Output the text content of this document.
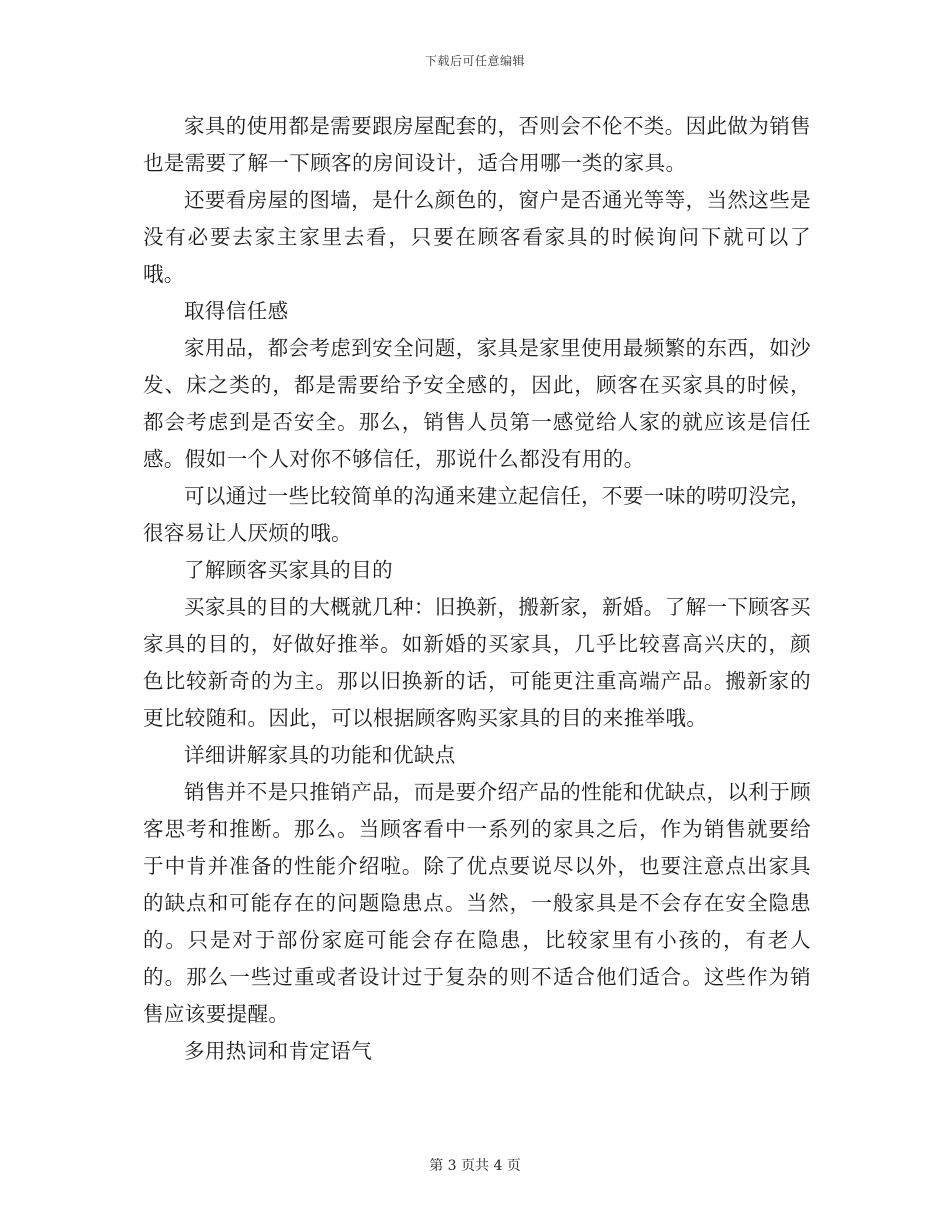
下载后可任意编辑

家具的使用都是需要跟房屋配套的，否则会不伦不类。因此做为销售也是需要了解一下顾客的房间设计，适合用哪一类的家具。

还要看房屋的图墙，是什么颜色的，窗户是否通光等等，当然这些是没有必要去家主家里去看，只要在顾客看家具的时候询问下就可以了哦。

取得信任感

家用品，都会考虑到安全问题，家具是家里使用最频繁的东西，如沙发、床之类的，都是需要给予安全感的，因此，顾客在买家具的时候，都会考虑到是否安全。那么，销售人员第一感觉给人家的就应该是信任感。假如一个人对你不够信任，那说什么都没有用的。

可以通过一些比较简单的沟通来建立起信任，不要一味的唠叨没完，很容易让人厌烦的哦。

了解顾客买家具的目的

买家具的目的大概就几种：旧换新，搬新家，新婚。了解一下顾客买家具的目的，好做好推举。如新婚的买家具，几乎比较喜高兴庆的，颜色比较新奇的为主。那以旧换新的话，可能更注重高端产品。搬新家的更比较随和。因此，可以根据顾客购买家具的目的来推举哦。

详细讲解家具的功能和优缺点

销售并不是只推销产品，而是要介绍产品的性能和优缺点，以利于顾客思考和推断。那么。当顾客看中一系列的家具之后，作为销售就要给于中肯并准备的性能介绍啦。除了优点要说尽以外，也要注意点出家具的缺点和可能存在的问题隐患点。当然，一般家具是不会存在安全隐患的。只是对于部份家庭可能会存在隐患，比较家里有小孩的，有老人的。那么一些过重或者设计过于复杂的则不适合他们适合。这些作为销售应该要提醒。

多用热词和肯定语气

第 3 页共 4 页
